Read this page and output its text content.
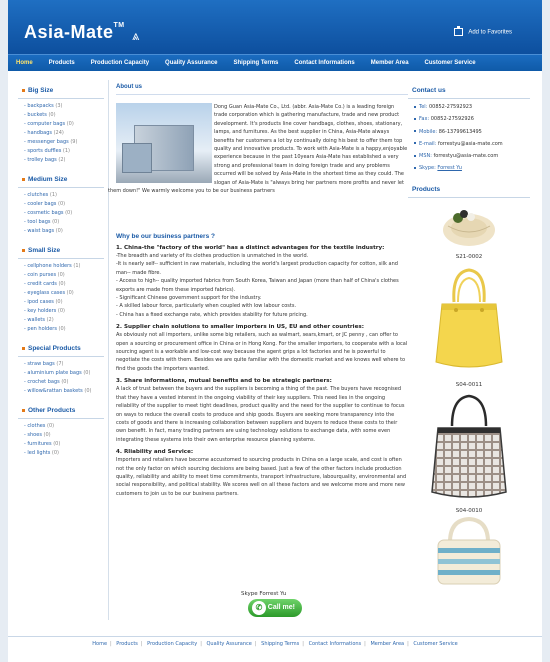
Asia-Mate™
⩓	Add to Favorites
Home	Products	Production Capacity	Quality Assurance	Shipping Terms	Contact Informations	Member Area	Customer Service
Big Size
- backpacks (3)
- buckets (0)
- computer bags (0)
- handbags (24)
- messenger bags (9)
- sports duffles (1)
- trolley bags (2)
Medium Size
- clutches (1)
- cooler bags (0)
- cosmetic bags (0)
- tool bags (0)
- waist bags (0)
Small Size
- cellphone holders (1)
- coin purses (0)
- credit cards (0)
- eyeglass cases (0)
- ipod cases (0)
- key holders (0)
- wallets (2)
- pen holders (0)
Special Products
- straw bags (7)
- aluminium plate bags (0)
- crochet bags (0)
- willow&rattan baskets (0)
Other Products
- clothes (0)
- shoes (0)
- furnitures (0)
- led lights (0)
About us
Dong Guan Asia-Mate Co., Ltd. (abbr. Asia-Mate Co.) is a leading foreign trade corporation which is gathering manufacture, trade and new product development. It's products line cover handbags, clothes, shoes, stationary, lamps, and furnitures. As the best supplier in China, Asia-Mate always benefits her customers a lot by continually doing his best to offer them top quality and innovative products. To work with Asia-Mate is a happy,enjoyable experience because in the past 10years Asia-Mate has established a very strong and professional team in doing foreign trade and any problems occurred will be solved by Asia-Mate in the shortest time as they could. The slogan of Asia-Mate is "always bring her partners more profits and never let them down!" We warmly welcome you to be our business partners
Why be our business partners ?
1. China-the "factory of the world" has a distinct advantages for the textile industry:
-The breadth and variety of its clothes production is unmatched in the world.
-It is nearly self-- sufficient in raw materials, including the world's largest production capacity for cotton, silk and man-- made fibre.
- Access to high-- quality imported fabrics from South Korea, Taiwan and Japan (more than half of China's clothes exports are made from these imported fabrics).
- Significant Chinese government support for the industry.
- A skilled labour force, particularly when coupled with low labour costs.
- China has a fixed exchange rate, which provides stability for future pricing.
2. Supplier chain solutions to smaller importers in US, EU and other countries:
As obviously not all importers, unlike some big retailers, such as walmart, sears,kmart, or JC penny , can offer to open a sourcing or procurement office in China or in Hong Kong. For the smaller importers, to cooperate with a local sourcing agent is a workable and low-cost way because the agent grips a lot factories and he is powerful to negotiate the costs with them. Besides we are quite familiar with the domestic market and we knows well where to find the goods the importers wanted.
3. Share informations, mutual benefits and to be strategic partners:
A lack of trust between the buyers and the suppliers is becoming a thing of the past. The buyers have recognised that they have a vested interest in the ongoing viability of their key suppliers. This need lies in the ongoing reliability of the supplier to meet tight deadlines, product quality and the need for the supplier to continue to focus on ways to reduce the overall costs to produce and ship goods. Buyers are seeking more transparency into the costs of goods and there is increasing collaboration between suppliers and buyers to reduce these costs to their own benefit. In fact, many trading partners are using technology solutions to exchange data, with some even integrating these systems into their own enterprise resource planning systems.
4. Rliability and Service:
Importers and retailers have become accustomed to sourcing products in China on a large scale, and cost is often not the only factor on which sourcing decisions are being based. Just a few of the other factors include production quality, reliability and ability to meet time commitments, transport infrastructure, labourquality, environmental and social responsibility, and political stability. We scores well on all these factors and we welcome more and more new customers to join us to be our business partners.
Contact us
Tel: 00852-27592923
Fax: 00852-27592926
Mobile: 86-13799613495
E-mail: forrestyu@asia-mate.com
MSN: forrestyu@asia-mate.com
Skype: Forrest Yu
Products
S21-0002
S04-0011
S04-0010
Skype Forrest Yu
✆ Call me!
Home | Products | Production Capacity | Quality Assurance | Shipping Terms | Contact Informations | Member Area | Customer Service
